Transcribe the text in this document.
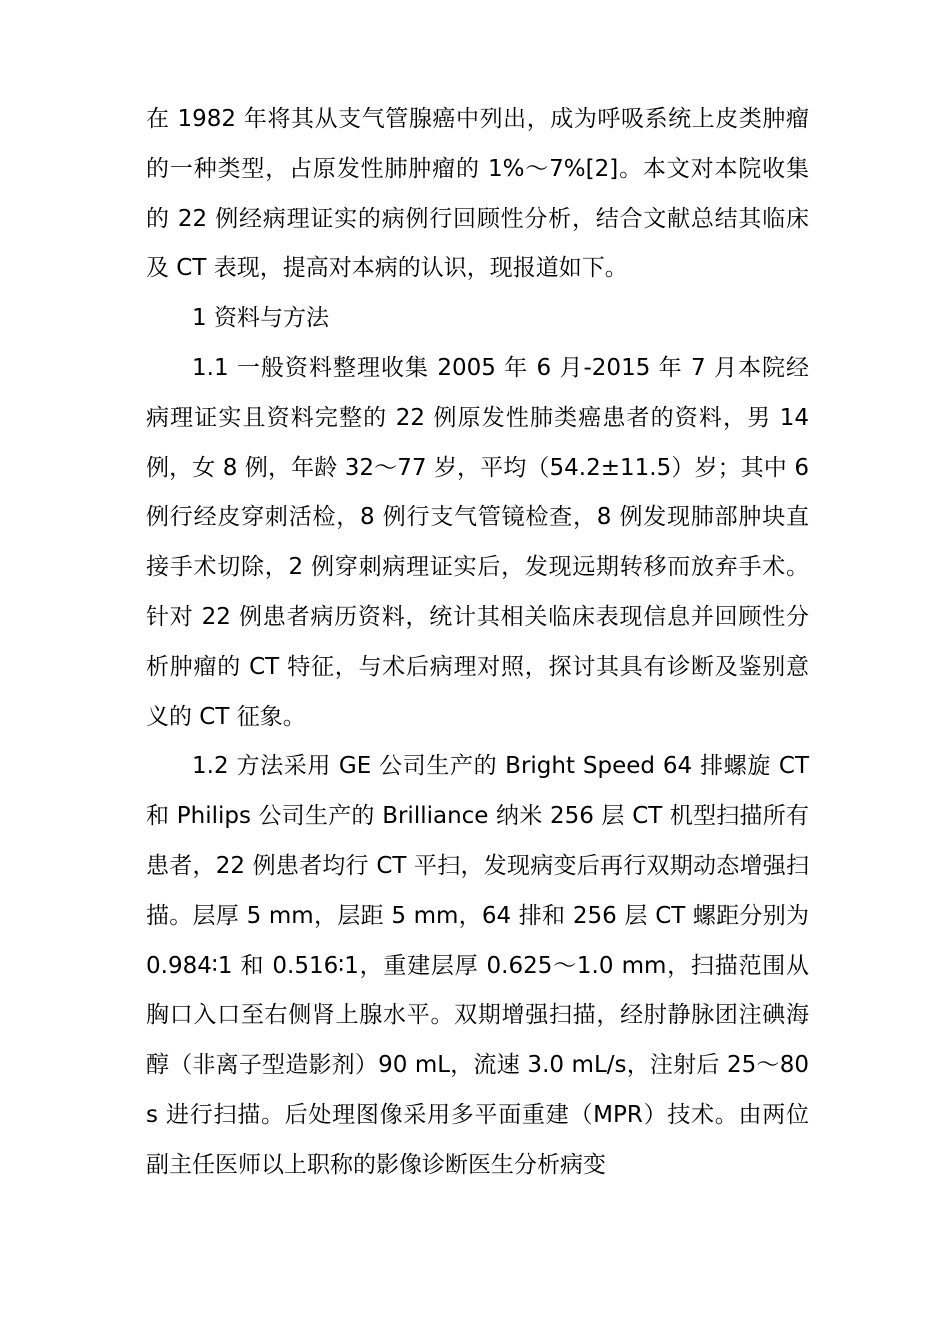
在 1982 年将其从支气管腺癌中列出，成为呼吸系统上皮类肿瘤的一种类型，占原发性肺肿瘤的 1%～7%[2]。本文对本院收集的 22 例经病理证实的病例行回顾性分析，结合文献总结其临床及 CT 表现，提高对本病的认识，现报道如下。

1 资料与方法

1.1 一般资料整理收集 2005 年 6 月-2015 年 7 月本院经病理证实且资料完整的 22 例原发性肺类癌患者的资料，男 14 例，女 8 例，年龄 32～77 岁，平均（54.2±11.5）岁；其中 6 例行经皮穿刺活检，8 例行支气管镜检查，8 例发现肺部肿块直接手术切除，2 例穿刺病理证实后，发现远期转移而放弃手术。针对 22 例患者病历资料，统计其相关临床表现信息并回顾性分析肿瘤的 CT 特征，与术后病理对照，探讨其具有诊断及鉴别意义的 CT 征象。

1.2 方法采用 GE 公司生产的 Bright Speed 64 排螺旋 CT 和 Philips 公司生产的 Brilliance 纳米 256 层 CT 机型扫描所有患者，22 例患者均行 CT 平扫，发现病变后再行双期动态增强扫描。层厚 5 mm，层距 5 mm，64 排和 256 层 CT 螺距分别为 0.984∶1 和 0.516∶1，重建层厚 0.625～1.0 mm，扫描范围从胸口入口至右侧肾上腺水平。双期增强扫描，经肘静脉团注碘海醇（非离子型造影剂）90 mL，流速 3.0 mL/s，注射后 25～80 s 进行扫描。后处理图像采用多平面重建（MPR）技术。由两位副主任医师以上职称的影像诊断医生分析病变
